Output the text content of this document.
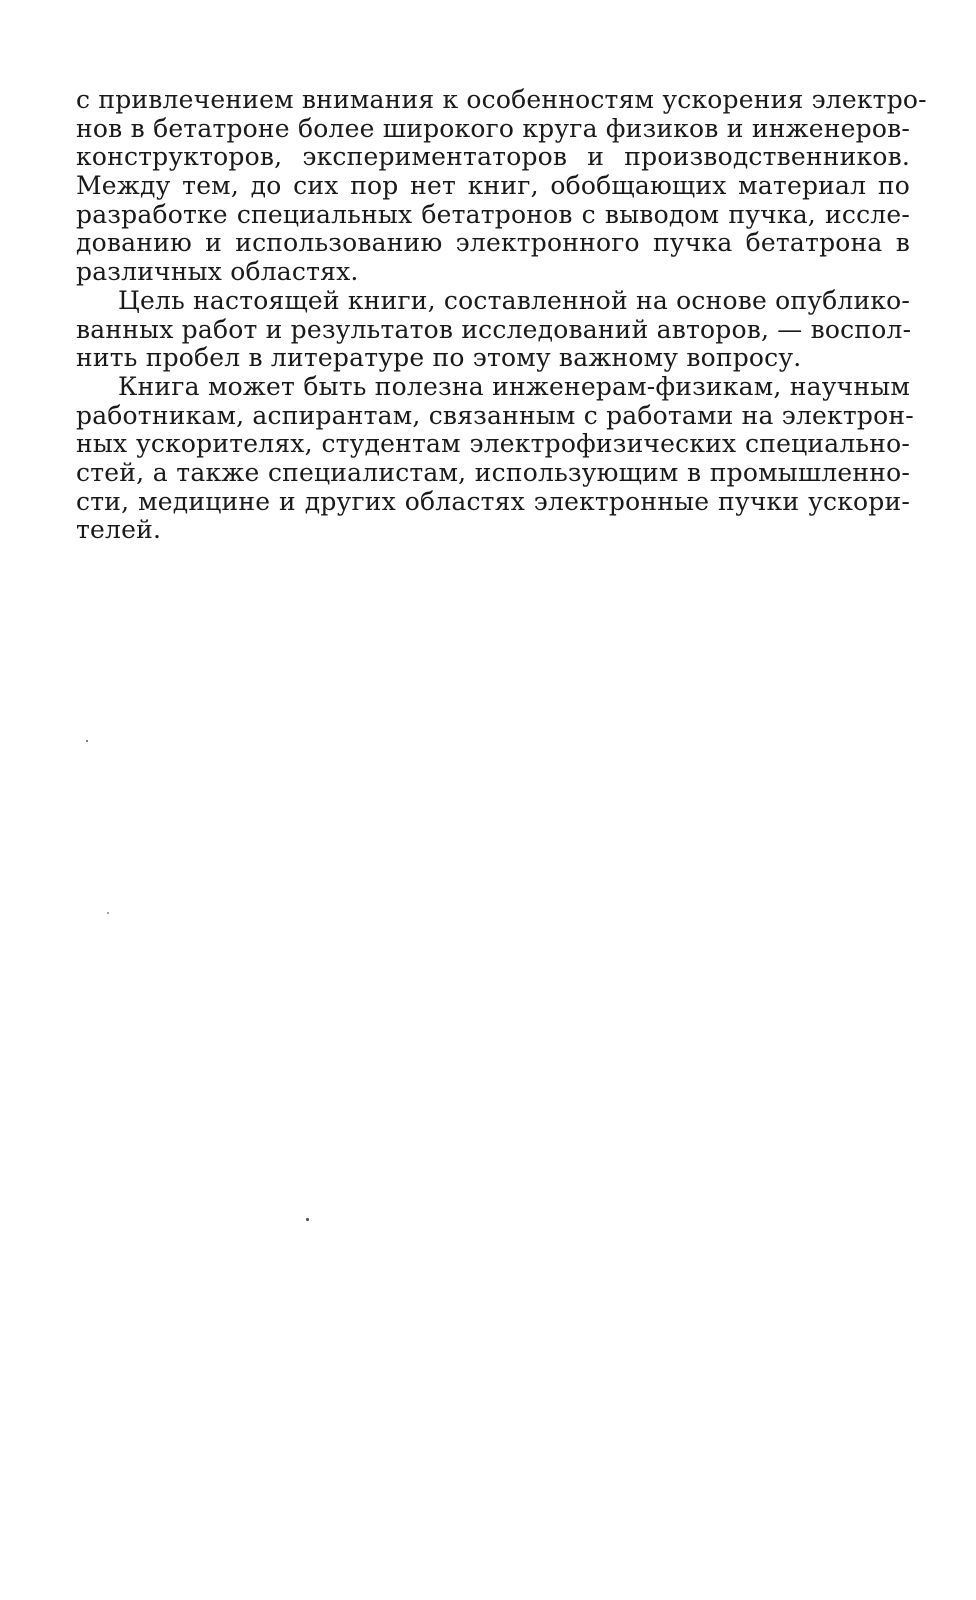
с привлечением внимания к особенностям ускорения электро-
нов в бетатроне более широкого круга физиков и инженеров-
конструкторов, экспериментаторов и производственников.
Между тем, до сих пор нет книг, обобщающих материал по
разработке специальных бетатронов с выводом пучка, иссле-
дованию и использованию электронного пучка бетатрона в
различных областях.
Цель настоящей книги, составленной на основе опублико-
ванных работ и результатов исследований авторов, — воспол-
нить пробел в литературе по этому важному вопросу.
Книга может быть полезна инженерам-физикам, научным
работникам, аспирантам, связанным с работами на электрон-
ных ускорителях, студентам электрофизических специально-
стей, а также специалистам, использующим в промышленно-
сти, медицине и других областях электронные пучки ускори-
телей.
